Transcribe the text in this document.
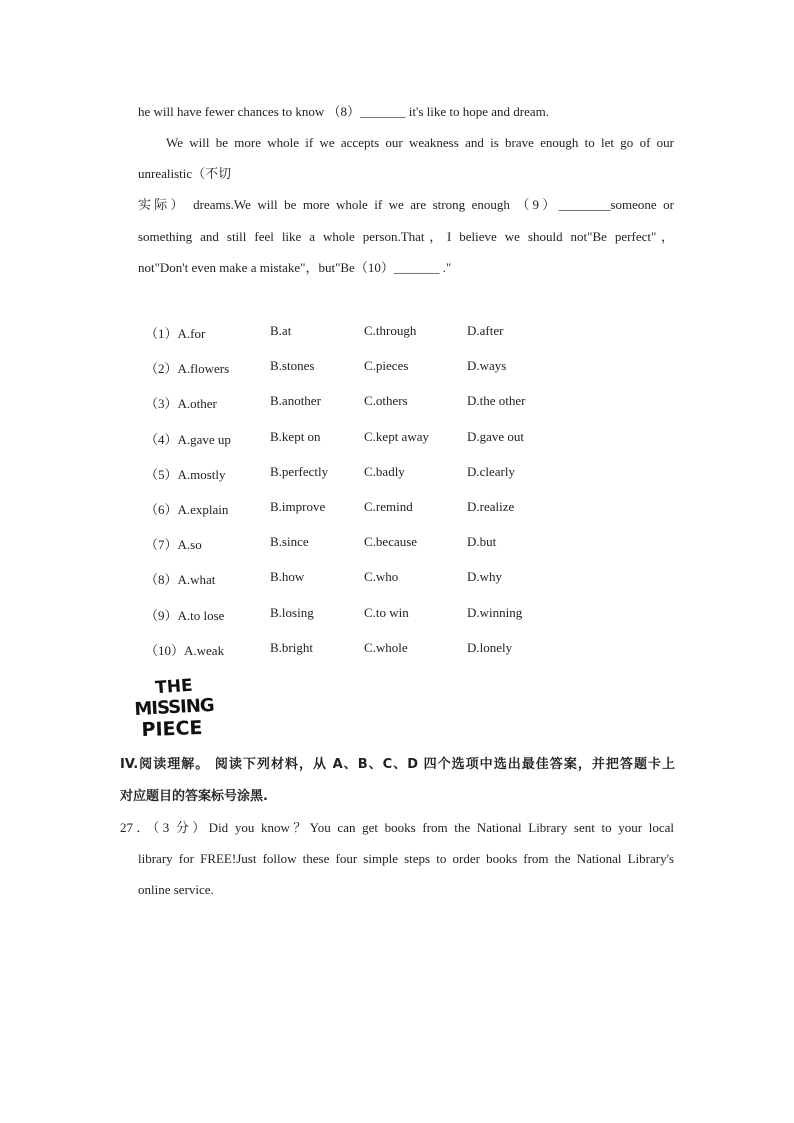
he will have fewer chances to know （8）_______ it's like to hope and dream.
We will be more whole if we accepts our weakness and is brave enough to let go of our
unrealistic（不切
实际） dreams.We will be more whole if we are strong enough （9）________someone or
something and still feel like a whole person.That，I believe we should not"Be perfect"，
not"Don't even make a mistake"，but"Be（10）_______ ."
（1）A.for	B.at	C.through	D.after
（2）A.flowers	B.stones	C.pieces	D.ways
（3）A.other	B.another	C.others	D.the other
（4）A.gave up	B.kept on	C.kept away	D.gave out
（5）A.mostly	B.perfectly	C.badly	D.clearly
（6）A.explain	B.improve	C.remind	D.realize
（7）A.so	B.since	C.because	D.but
（8）A.what	B.how	C.who	D.why
（9）A.to lose	B.losing	C.to win	D.winning
（10）A.weak	B.bright	C.whole	D.lonely
THE
MISSING
PIECE
IV.阅读理解。 阅读下列材料，从 A、B、C、D 四个选项中选出最佳答案，并把答题卡上
对应题目的答案标号涂黑.
27．（3 分）Did you know？You can get books from the National Library sent to your local
library for FREE!Just follow these four simple steps to order books from the National Library's
online service.
